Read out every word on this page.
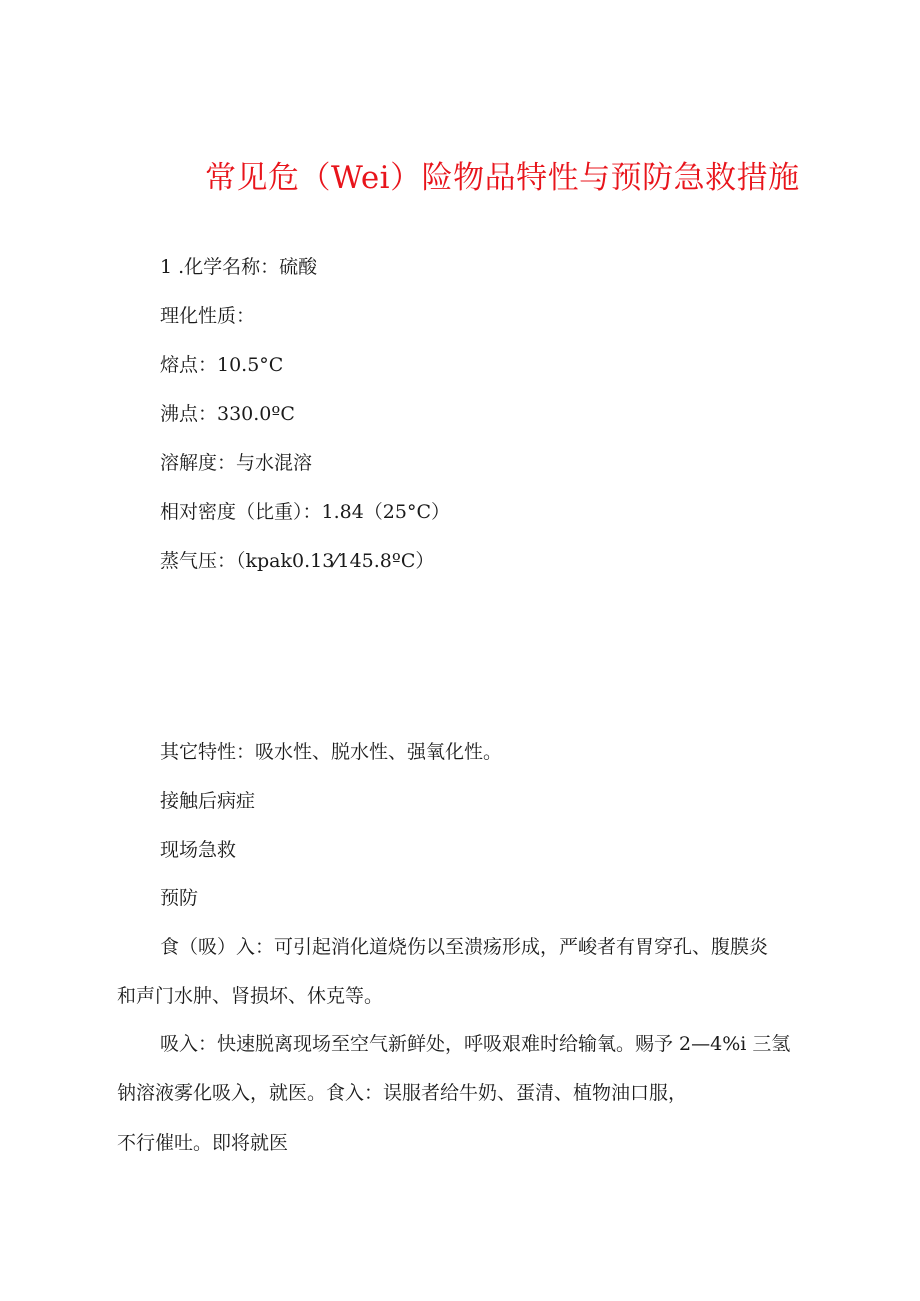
常见危（Wei）险物品特性与预防急救措施
1 .化学名称：硫酸
理化性质：
熔点：10.5°C
沸点：330.0ºC
溶解度：与水混溶
相对密度（比重）：1.84（25°C）
蒸气压：（kpak0.13⁄145.8ºC）
其它特性：吸水性、脱水性、强氧化性。
接触后病症
现场急救
预防
食（吸）入：可引起消化道烧伤以至溃疡形成，严峻者有胃穿孔、腹膜炎
和声门水肿、肾损坏、休克等。
吸入：快速脱离现场至空气新鲜处，呼吸艰难时给输氧。赐予 2—4%i 三氢
钠溶液雾化吸入，就医。食入：误服者给牛奶、蛋清、植物油口服，
不行催吐。即将就医
